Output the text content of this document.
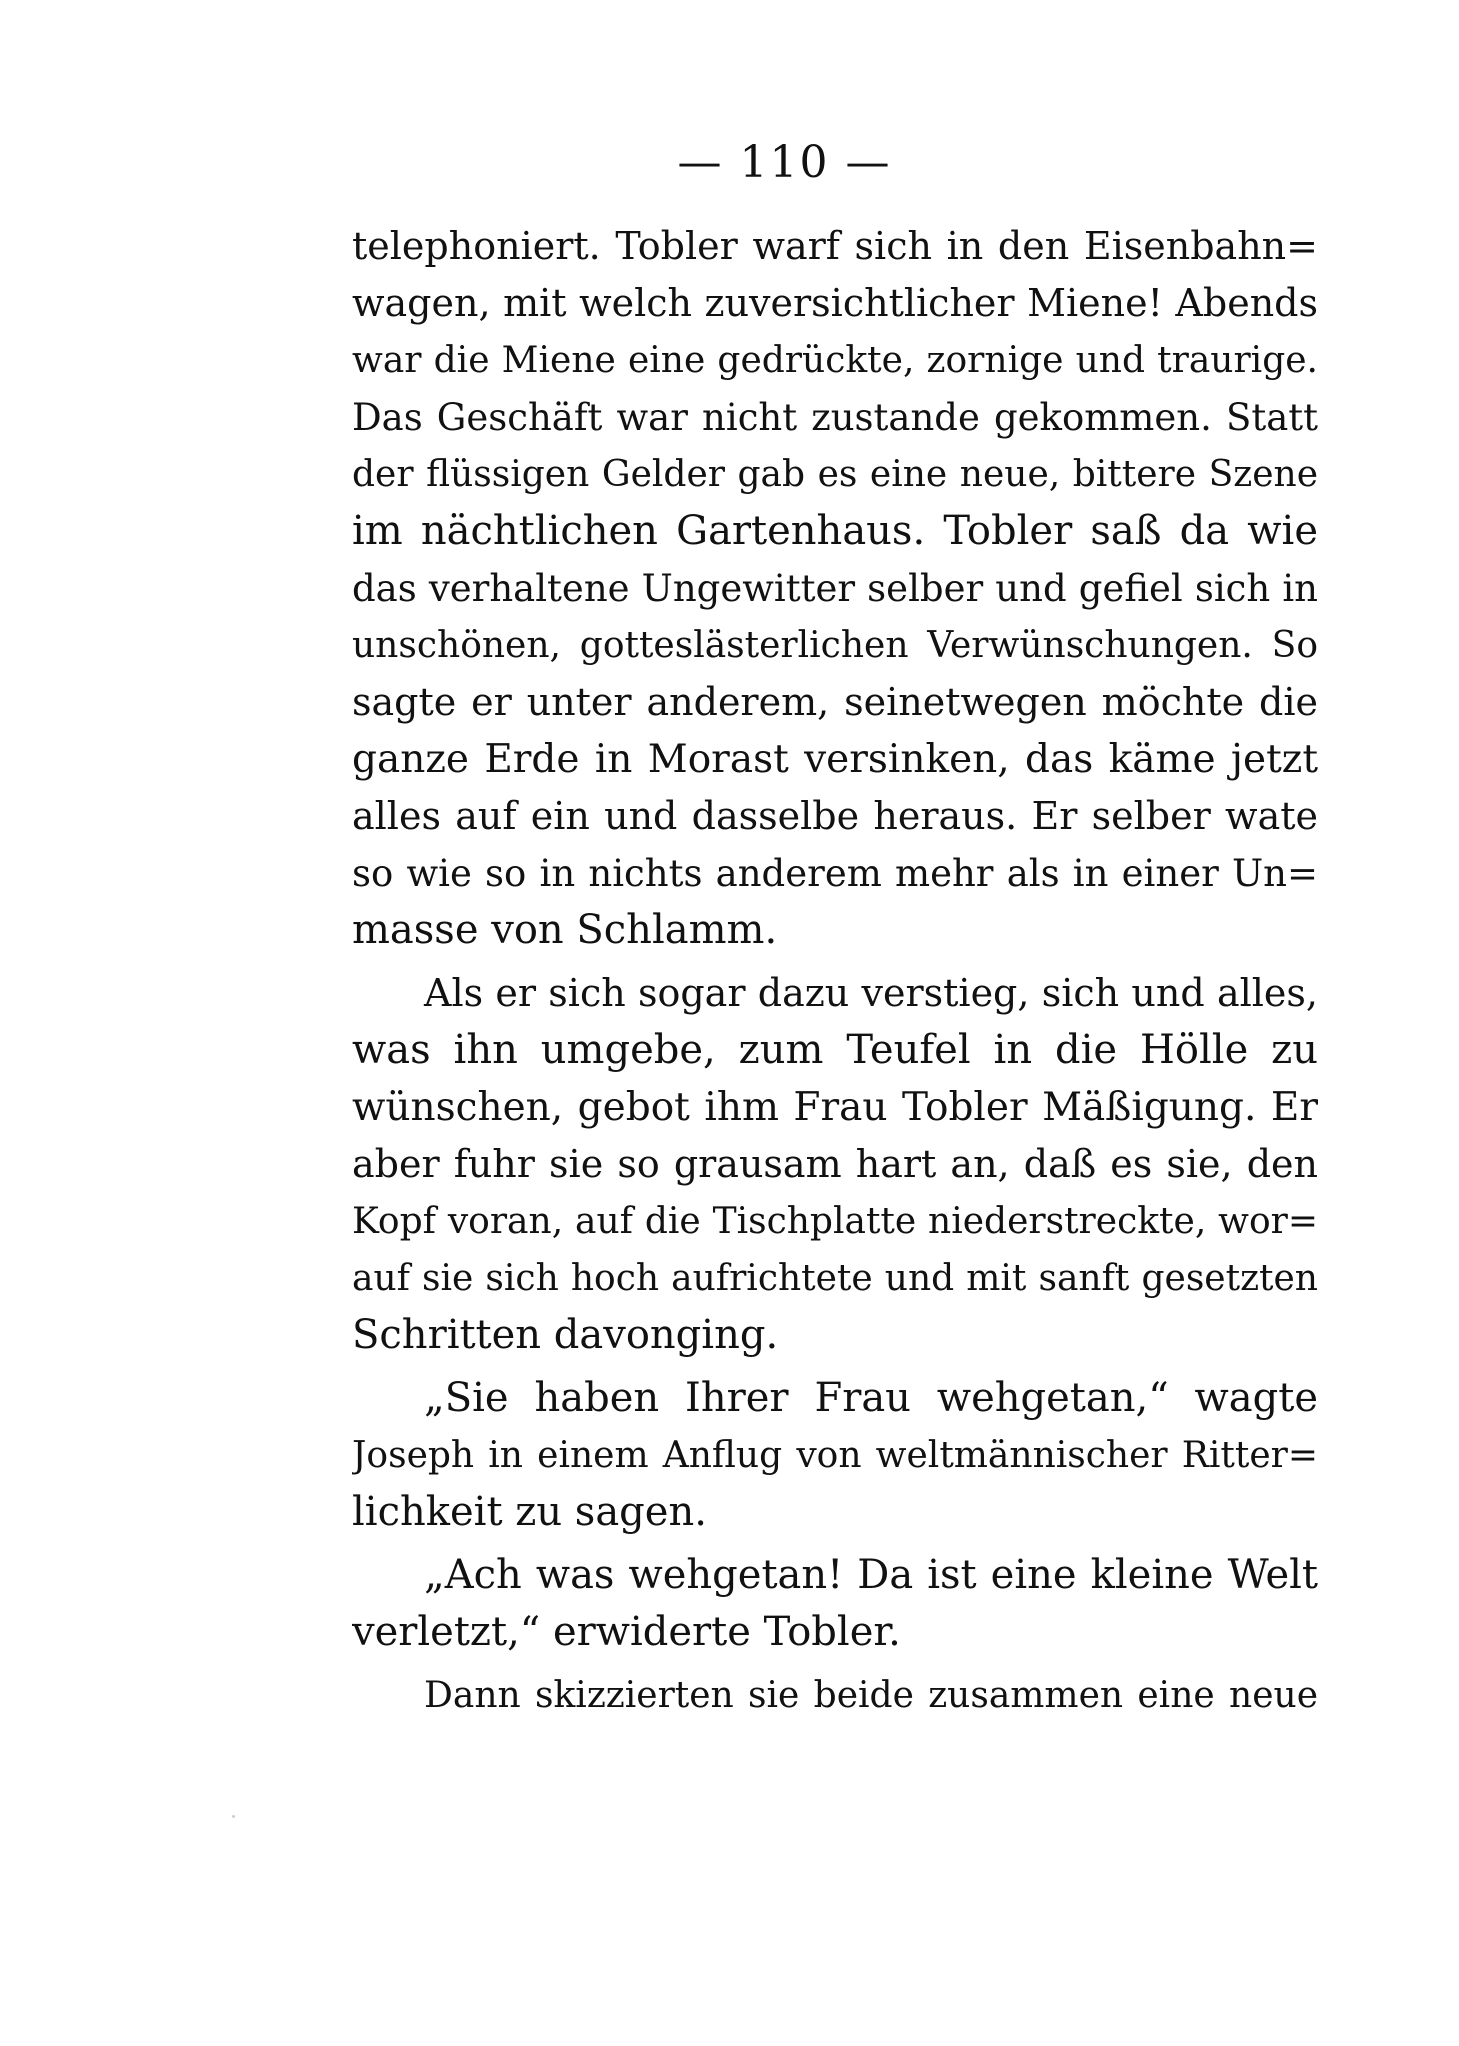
— 110 —
telephoniert. Tobler warf sich in den Eisenbahn=
wagen, mit welch zuversichtlicher Miene! Abends
war die Miene eine gedrückte, zornige und traurige.
Das Geschäft war nicht zustande gekommen. Statt
der flüssigen Gelder gab es eine neue, bittere Szene
im nächtlichen Gartenhaus. Tobler saß da wie
das verhaltene Ungewitter selber und gefiel sich in
unschönen, gotteslästerlichen Verwünschungen. So
sagte er unter anderem, seinetwegen möchte die
ganze Erde in Morast versinken, das käme jetzt
alles auf ein und dasselbe heraus. Er selber wate
so wie so in nichts anderem mehr als in einer Un=
masse von Schlamm.
Als er sich sogar dazu verstieg, sich und alles,
was ihn umgebe, zum Teufel in die Hölle zu
wünschen, gebot ihm Frau Tobler Mäßigung. Er
aber fuhr sie so grausam hart an, daß es sie, den
Kopf voran, auf die Tischplatte niederstreckte, wor=
auf sie sich hoch aufrichtete und mit sanft gesetzten
Schritten davonging.
„Sie haben Ihrer Frau wehgetan,“ wagte
Joseph in einem Anflug von weltmännischer Ritter=
lichkeit zu sagen.
„Ach was wehgetan! Da ist eine kleine Welt
verletzt,“ erwiderte Tobler.
Dann skizzierten sie beide zusammen eine neue
